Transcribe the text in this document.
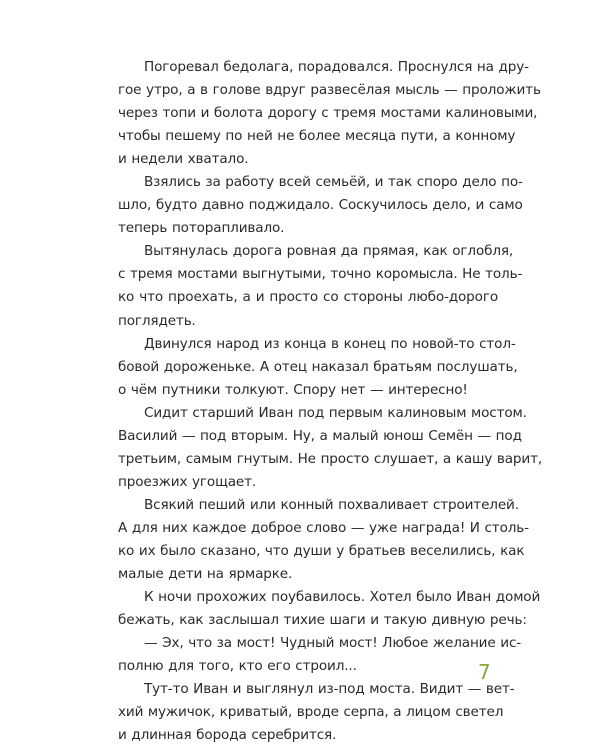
Погоревал бедолага, порадовался. Проснулся на дру-
гое утро, а в голове вдруг развесёлая мысль — проложить
через топи и болота дорогу с тремя мостами калиновыми,
чтобы пешему по ней не более месяца пути, а конному
и недели хватало.
Взялись за работу всей семьёй, и так споро дело по-
шло, будто давно поджидало. Соскучилось дело, и само
теперь поторапливало.
Вытянулась дорога ровная да прямая, как оглобля,
с тремя мостами выгнутыми, точно коромысла. Не толь-
ко что проехать, а и просто со стороны любо-дорого
поглядеть.
Двинулся народ из конца в конец по новой-то стол-
бовой дороженьке. А отец наказал братьям послушать,
о чём путники толкуют. Спору нет — интересно!
Сидит старший Иван под первым калиновым мостом.
Василий — под вторым. Ну, а малый юнош Семён — под
третьим, самым гнутым. Не просто слушает, а кашу варит,
проезжих угощает.
Всякий пеший или конный похваливает строителей.
А для них каждое доброе слово — уже награда! И столь-
ко их было сказано, что души у братьев веселились, как
малые дети на ярмарке.
К ночи прохожих поубавилось. Хотел было Иван домой
бежать, как заслышал тихие шаги и такую дивную речь:
— Эх, что за мост! Чудный мост! Любое желание ис-
полню для того, кто его строил...
Тут-то Иван и выглянул из-под моста. Видит — вет-
хий мужичок, криватый, вроде серпа, а лицом светел
и длинная борода серебрится.
7
